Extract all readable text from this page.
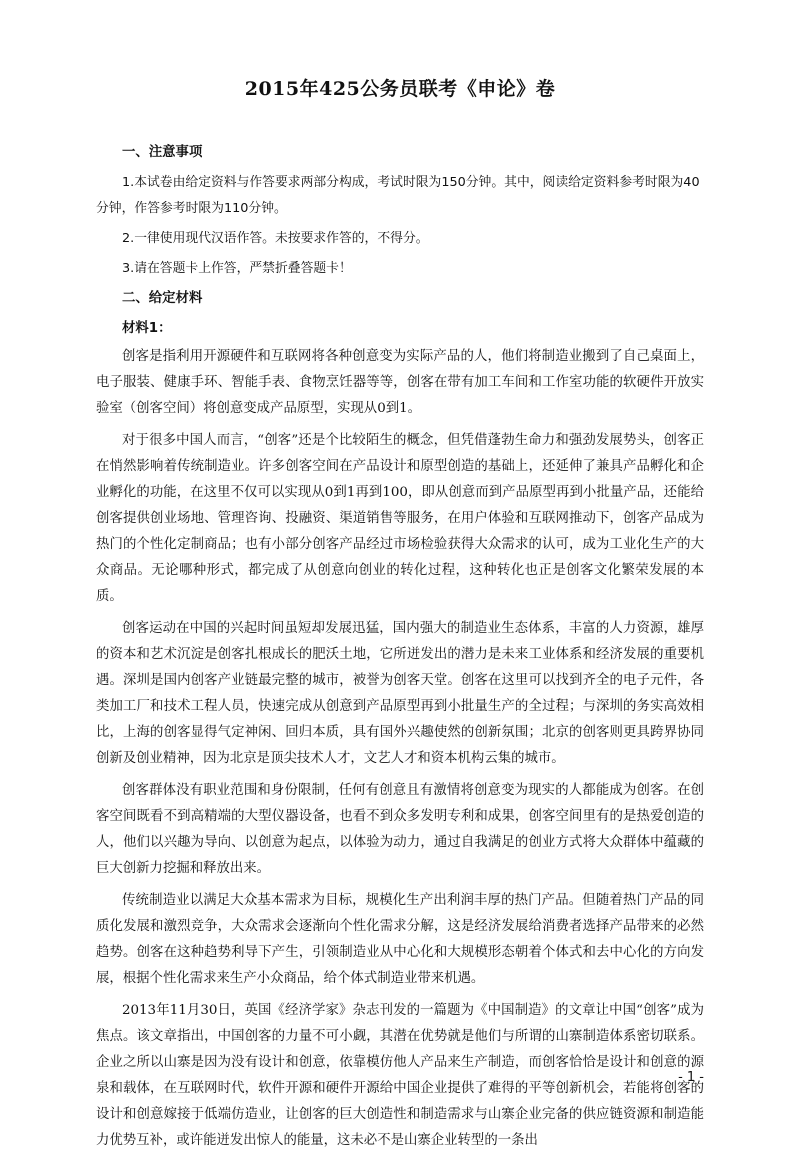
2015年425公务员联考《申论》卷
一、注意事项
1.本试卷由给定资料与作答要求两部分构成，考试时限为150分钟。其中，阅读给定资料参考时限为40分钟，作答参考时限为110分钟。
2.一律使用现代汉语作答。未按要求作答的，不得分。
3.请在答题卡上作答，严禁折叠答题卡！
二、给定材料
材料1：

创客是指利用开源硬件和互联网将各种创意变为实际产品的人，他们将制造业搬到了自己桌面上，电子服装、健康手环、智能手表、食物烹饪器等等，创客在带有加工车间和工作室功能的软硬件开放实验室（创客空间）将创意变成产品原型，实现从0到1。

对于很多中国人而言，“创客”还是个比较陌生的概念，但凭借蓬勃生命力和强劲发展势头，创客正在悄然影响着传统制造业。许多创客空间在产品设计和原型创造的基础上，还延伸了兼具产品孵化和企业孵化的功能，在这里不仅可以实现从0到1再到100，即从创意而到产品原型再到小批量产品，还能给创客提供创业场地、管理咨询、投融资、渠道销售等服务，在用户体验和互联网推动下，创客产品成为热门的个性化定制商品；也有小部分创客产品经过市场检验获得大众需求的认可，成为工业化生产的大众商品。无论哪种形式，都完成了从创意向创业的转化过程，这种转化也正是创客文化繁荣发展的本质。

创客运动在中国的兴起时间虽短却发展迅猛，国内强大的制造业生态体系，丰富的人力资源，雄厚的资本和艺术沉淀是创客扎根成长的肥沃土地，它所迸发出的潜力是未来工业体系和经济发展的重要机遇。深圳是国内创客产业链最完整的城市，被誉为创客天堂。创客在这里可以找到齐全的电子元件，各类加工厂和技术工程人员，快速完成从创意到产品原型再到小批量生产的全过程；与深圳的务实高效相比，上海的创客显得气定神闲、回归本质，具有国外兴趣使然的创新氛围；北京的创客则更具跨界协同创新及创业精神，因为北京是顶尖技术人才，文艺人才和资本机构云集的城市。

创客群体没有职业范围和身份限制，任何有创意且有激情将创意变为现实的人都能成为创客。在创客空间既看不到高精端的大型仪器设备，也看不到众多发明专利和成果，创客空间里有的是热爱创造的人，他们以兴趣为导向、以创意为起点，以体验为动力，通过自我满足的创业方式将大众群体中蕴藏的巨大创新力挖掘和释放出来。

传统制造业以满足大众基本需求为目标，规模化生产出利润丰厚的热门产品。但随着热门产品的同质化发展和激烈竞争，大众需求会逐渐向个性化需求分解，这是经济发展给消费者选择产品带来的必然趋势。创客在这种趋势利导下产生，引领制造业从中心化和大规模形态朝着个体式和去中心化的方向发展，根据个性化需求来生产小众商品，给个体式制造业带来机遇。

2013年11月30日，英国《经济学家》杂志刊发的一篇题为《中国制造》的文章让中国“创客”成为焦点。该文章指出，中国创客的力量不可小觑，其潜在优势就是他们与所谓的山寨制造体系密切联系。企业之所以山寨是因为没有设计和创意，依靠模仿他人产品来生产制造，而创客恰恰是设计和创意的源泉和载体，在互联网时代，软件开源和硬件开源给中国企业提供了难得的平等创新机会，若能将创客的设计和创意嫁接于低端仿造业，让创客的巨大创造性和制造需求与山寨企业完备的供应链资源和制造能力优势互补，或许能迸发出惊人的能量，这未必不是山寨企业转型的一条出

- 1 -
